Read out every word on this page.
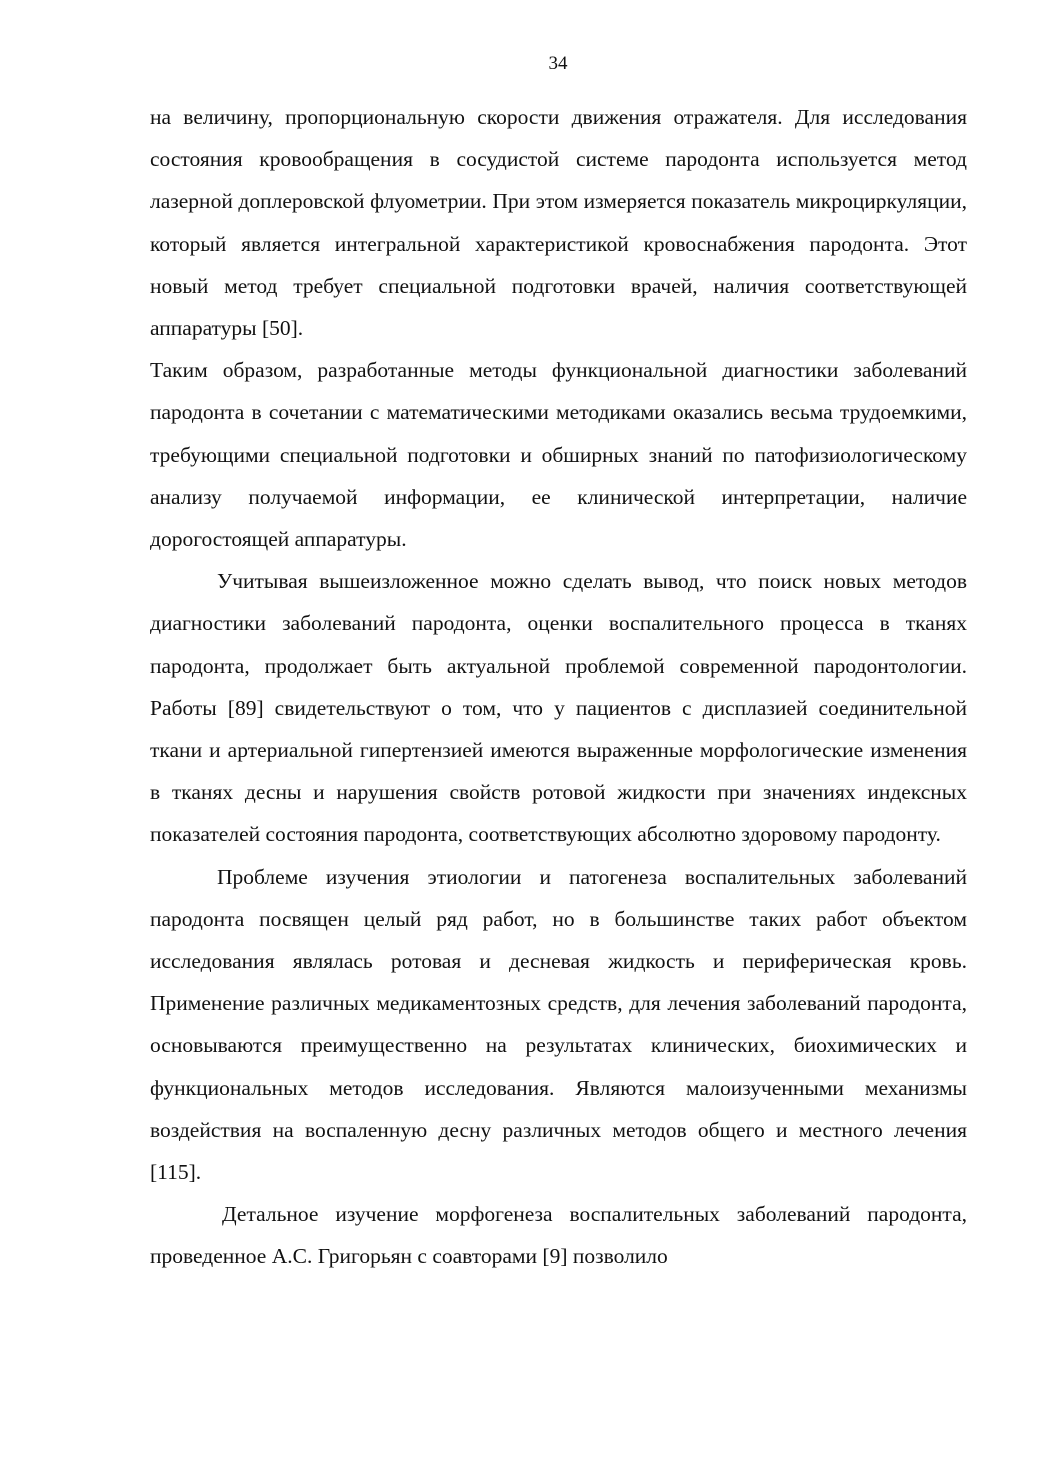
34

на величину, пропорциональную скорости движения отражателя. Для исследования состояния кровообращения в сосудистой системе пародонта используется метод лазерной доплеровской флуометрии. При этом измеряется показатель микроциркуляции, который является интегральной характеристикой кровоснабжения пародонта. Этот новый метод требует специальной подготовки врачей, наличия соответствующей аппаратуры [50].

Таким образом, разработанные методы функциональной диагностики заболеваний пародонта в сочетании с математическими методиками оказались весьма трудоемкими, требующими специальной подготовки и обширных знаний по патофизиологическому анализу получаемой информации, ее клинической интерпретации, наличие дорогостоящей аппаратуры.

Учитывая вышеизложенное можно сделать вывод, что поиск новых методов диагностики заболеваний пародонта, оценки воспалительного процесса в тканях пародонта, продолжает быть актуальной проблемой современной пародонтологии. Работы [89] свидетельствуют о том, что у пациентов с дисплазией соединительной ткани и артериальной гипертензией имеются выраженные морфологические изменения в тканях десны и нарушения свойств ротовой жидкости при значениях индексных показателей состояния пародонта, соответствующих абсолютно здоровому пародонту.

Проблеме изучения этиологии и патогенеза воспалительных заболеваний пародонта посвящен целый ряд работ, но в большинстве таких работ объектом исследования являлась ротовая и десневая жидкость и периферическая кровь. Применение различных медикаментозных средств, для лечения заболеваний пародонта, основываются преимущественно на результатах клинических, биохимических и функциональных методов исследования. Являются малоизученными механизмы воздействия на воспаленную десну различных методов общего и местного лечения [115].

Детальное изучение морфогенеза воспалительных заболеваний пародонта, проведенное А.С. Григорьян с соавторами [9] позволило
